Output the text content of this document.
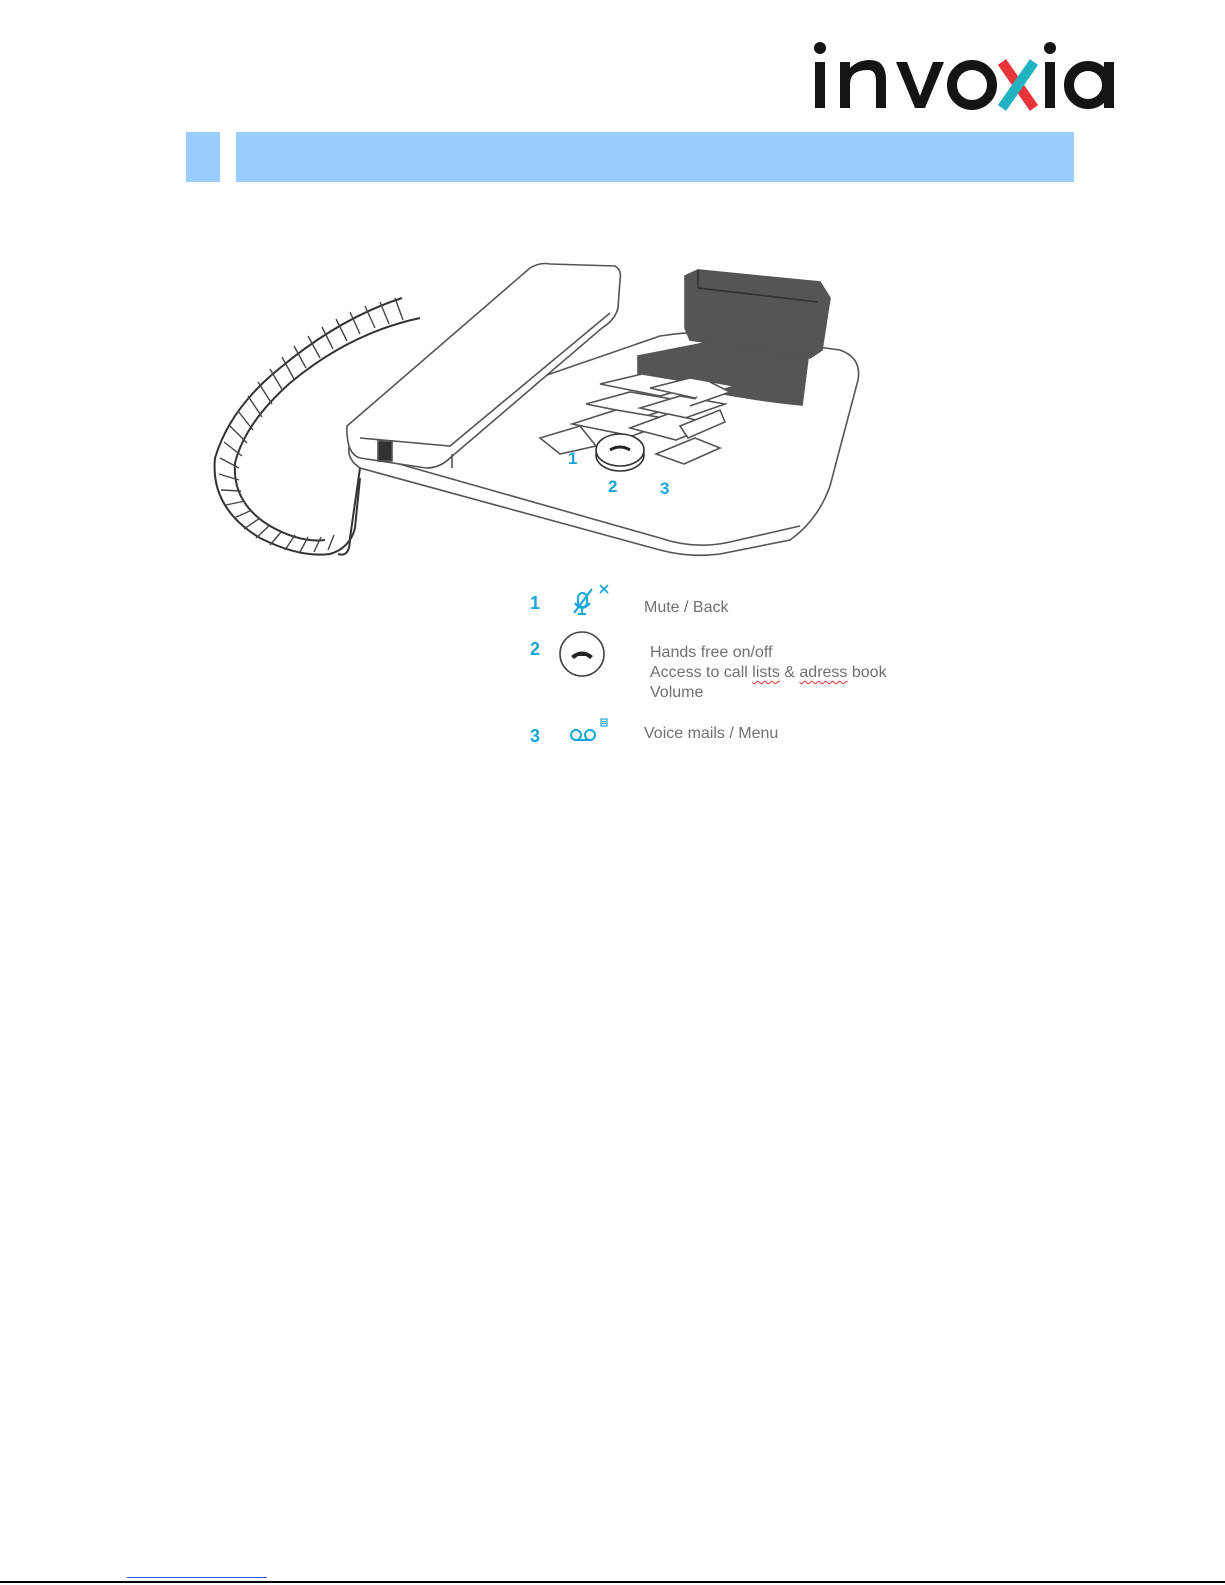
1
2	3
1	Mute / Back
2	Hands free on/off
Access to call lists & adress book
Volume
3	Voice mails / Menu
